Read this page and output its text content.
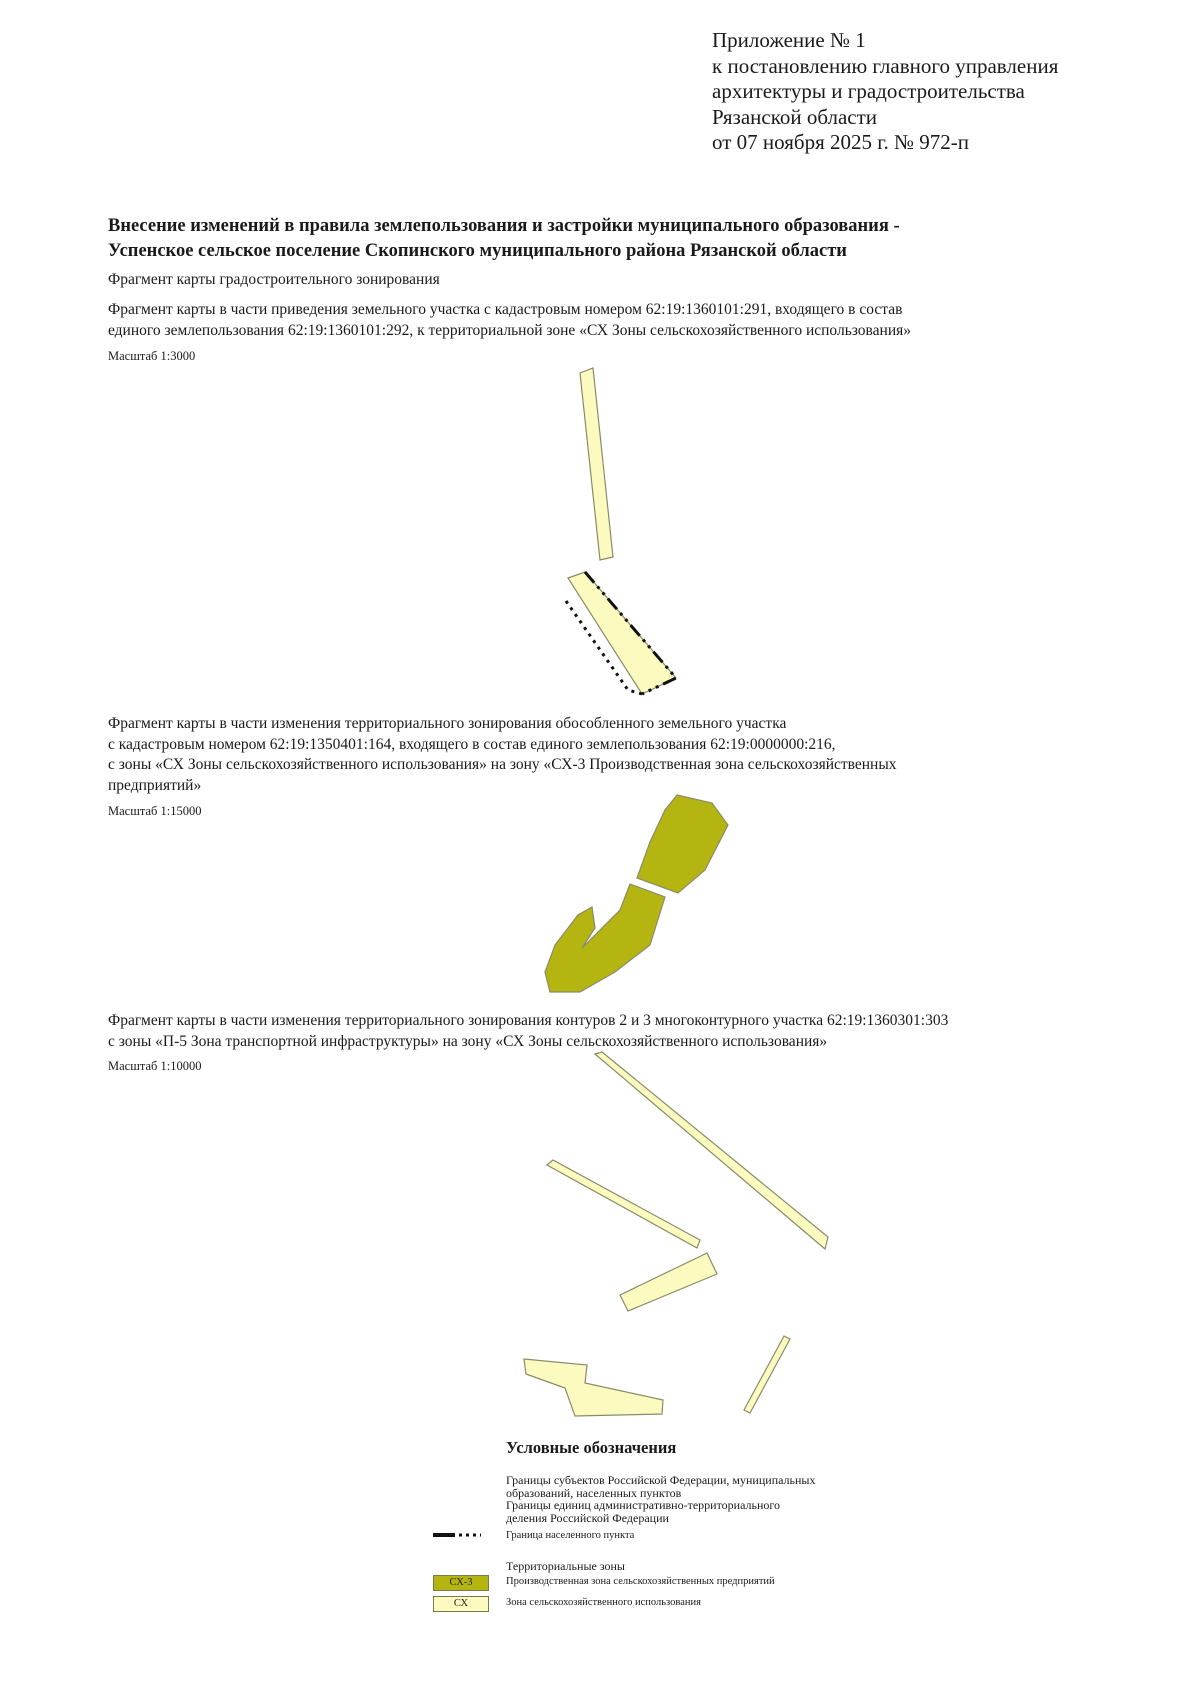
Приложение № 1
к постановлению главного управления
архитектуры и градостроительства
Рязанской области
от 07 ноября 2025 г. № 972-п
Внесение изменений в правила землепользования и застройки муниципального образования -
Успенское сельское поселение Скопинского муниципального района Рязанской области
Фрагмент карты градостроительного зонирования
Фрагмент карты в части приведения земельного участка с кадастровым номером 62:19:1360101:291, входящего в состав
единого землепользования 62:19:1360101:292, к территориальной зоне «СХ Зоны сельскохозяйственного использования»
Масштаб 1:3000
Фрагмент карты в части изменения территориального зонирования обособленного земельного участка
с кадастровым номером 62:19:1350401:164, входящего в состав единого землепользования 62:19:0000000:216,
с зоны «СХ Зоны сельскохозяйственного использования» на зону «СХ-3 Производственная зона сельскохозяйственных
предприятий»
Масштаб 1:15000
Фрагмент карты в части изменения территориального зонирования контуров 2 и 3 многоконтурного участка 62:19:1360301:303
с зоны «П-5 Зона транспортной инфраструктуры» на зону «СХ Зоны сельскохозяйственного использования»
Масштаб 1:10000
Условные обозначения
Границы субъектов Российской Федерации, муниципальных
образований, населенных пунктов
Границы единиц административно-территориального
деления Российской Федерации
Граница населенного пункта
Территориальные зоны
СХ-3	Производственная зона сельскохозяйственных предприятий
СХ	Зона сельскохозяйственного использования
